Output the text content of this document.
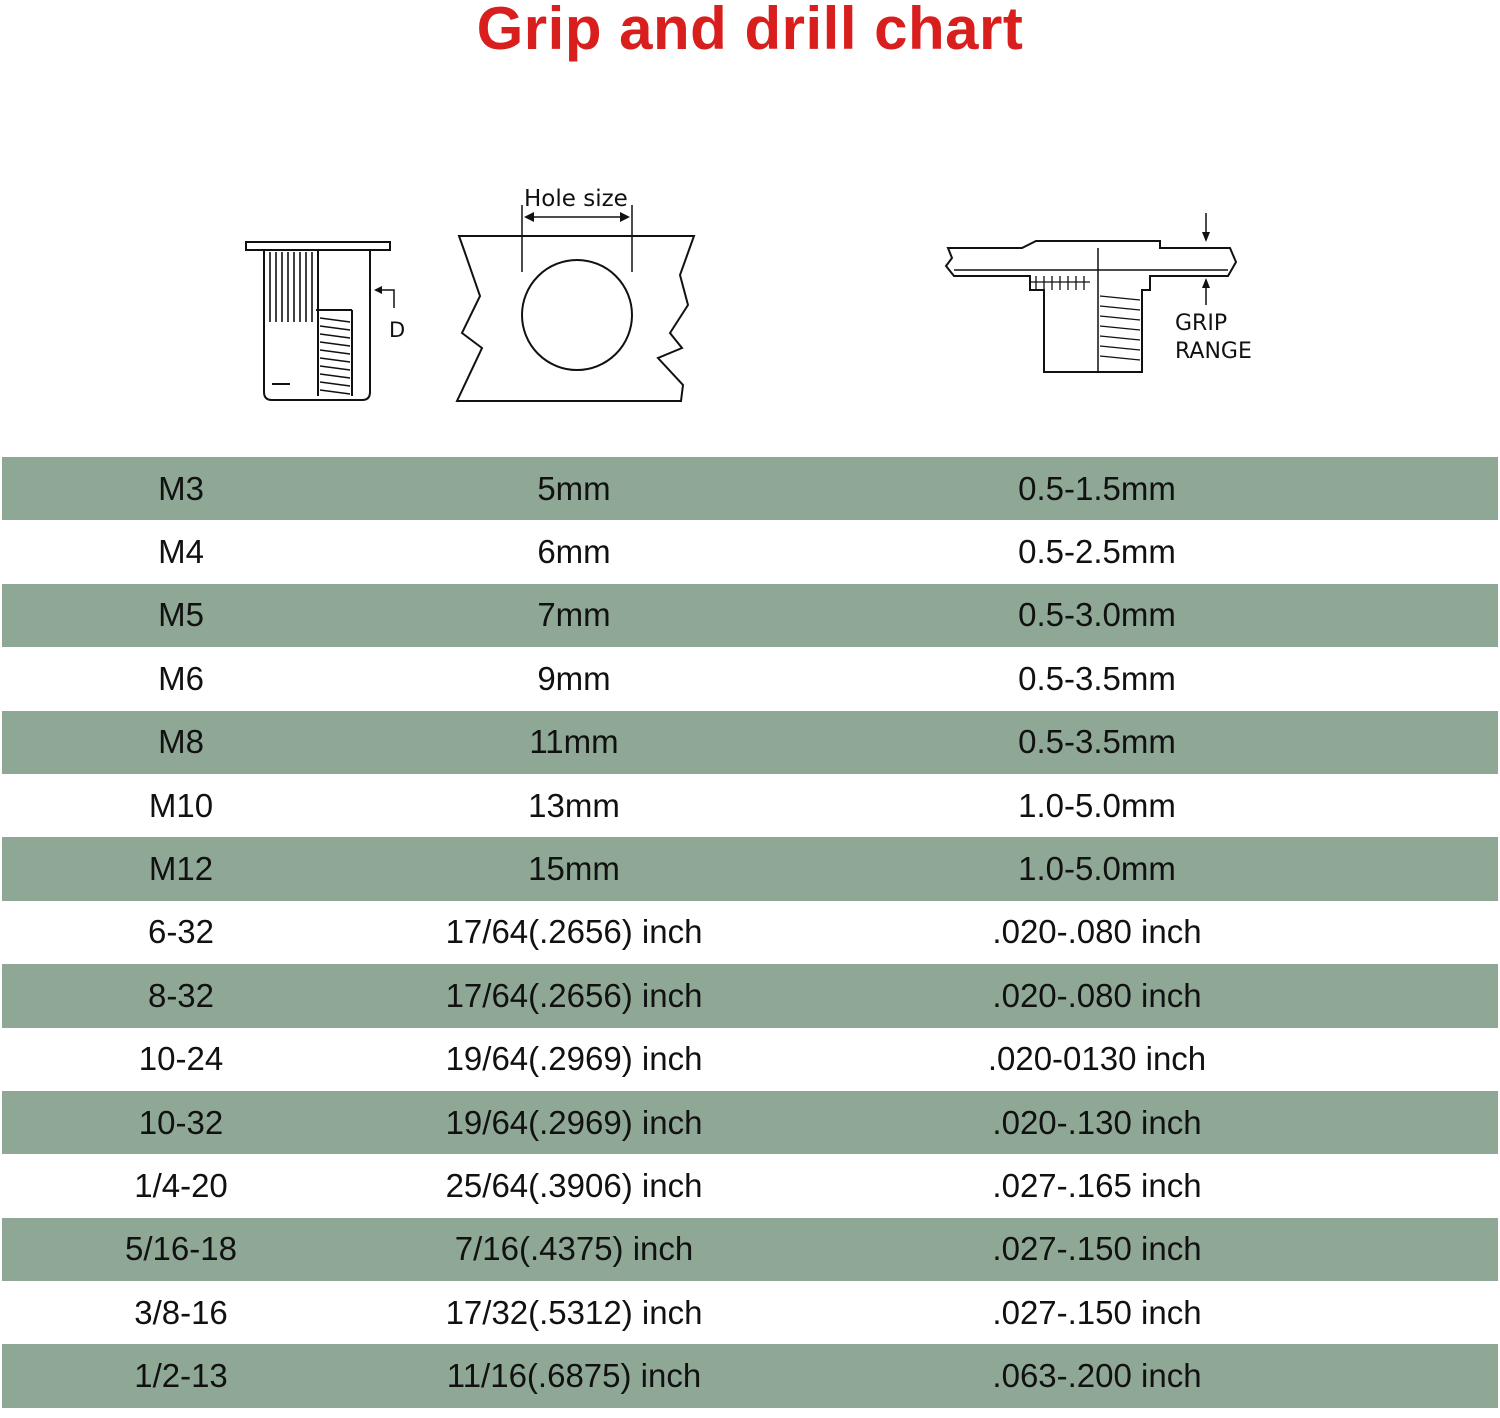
Grip and drill chart
Hole size
D	GRIP
RANGE
M3	5mm	0.5-1.5mm
M4	6mm	0.5-2.5mm
M5	7mm	0.5-3.0mm
M6	9mm	0.5-3.5mm
M8	11mm	0.5-3.5mm
M10	13mm	1.0-5.0mm
M12	15mm	1.0-5.0mm
6-32	17/64(.2656) inch	.020-.080 inch
8-32	17/64(.2656) inch	.020-.080 inch
10-24	19/64(.2969) inch	.020-0130 inch
10-32	19/64(.2969) inch	.020-.130 inch
1/4-20	25/64(.3906) inch	.027-.165 inch
5/16-18	7/16(.4375) inch	.027-.150 inch
3/8-16	17/32(.5312) inch	.027-.150 inch
1/2-13	11/16(.6875) inch	.063-.200 inch
